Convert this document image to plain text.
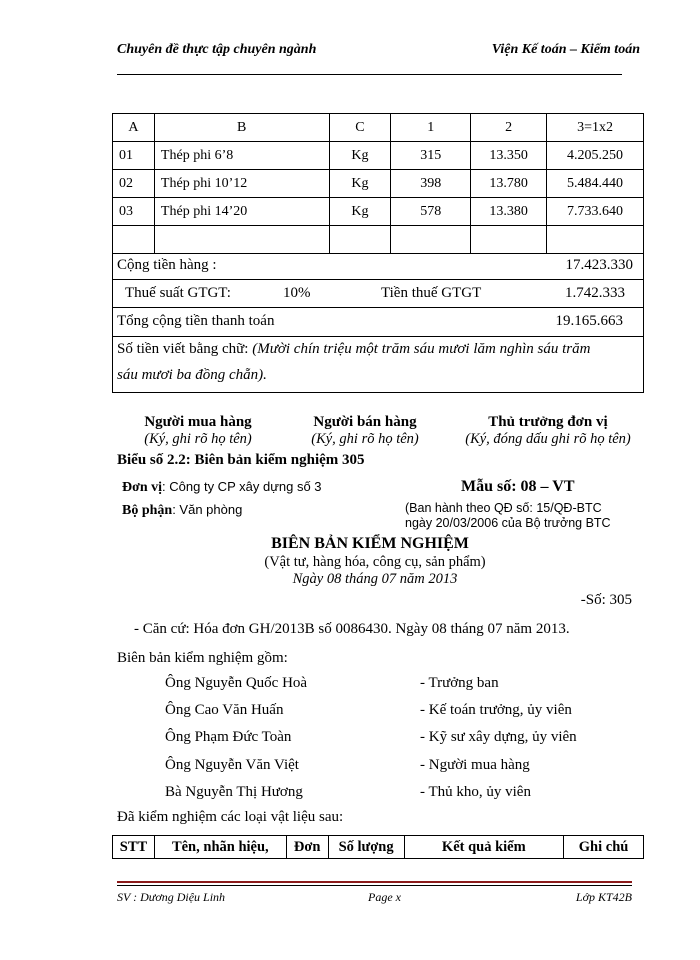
Chuyên đề thực tập chuyên ngành	Viện Kế toán – Kiểm toán
A	B	C	1	2	3=1x2
01	Thép phi 6’8	Kg	315	13.350	4.205.250
02	Thép phi 10’12	Kg	398	13.780	5.484.440
03	Thép phi 14’20	Kg	578	13.380	7.733.640

Cộng tiền hàng :	17.423.330
Thuế suất GTGT:	10%	Tiền thuế GTGT	1.742.333
Tổng cộng tiền thanh toán	19.165.663
Số tiền viết bằng chữ: (Mười chín triệu một trăm sáu mươi lăm nghìn sáu trăm
sáu mươi ba đồng chẵn).
Người mua hàng
(Ký, ghi rõ họ tên)
Người bán hàng
(Ký, ghi rõ họ tên)
Thủ trưởng đơn vị
(Ký, đóng dấu ghi rõ họ tên)
Biểu số 2.2: Biên bản kiểm nghiệm 305
Đơn vị: Công ty CP xây dựng số 3
Bộ phận: Văn phòng
Mẫu số: 08 – VT
(Ban hành theo QĐ số: 15/QĐ-BTC
ngày 20/03/2006 của Bộ trưởng BTC
BIÊN BẢN KIỂM NGHIỆM
(Vật tư, hàng hóa, công cụ, sản phẩm)
Ngày 08 tháng 07 năm 2013
-Số: 305
- Căn cứ: Hóa đơn GH/2013B số 0086430. Ngày 08 tháng 07 năm 2013.
Biên bản kiểm nghiệm gồm:
Ông Nguyễn Quốc Hoà	- Trưởng ban
Ông Cao Văn Huấn	- Kế toán trưởng, ủy viên
Ông Phạm Đức Toàn	- Kỹ sư xây dựng, ủy viên
Ông Nguyễn Văn Việt	- Người mua hàng
Bà Nguyễn Thị Hương	- Thủ kho, ủy viên
Đã kiểm nghiệm các loại vật liệu sau:
STT	Tên, nhãn hiệu,	Đơn	Số lượng	Kết quả kiểm	Ghi chú
SV : Dương Diệu Linh	Page x	Lớp KT42B
